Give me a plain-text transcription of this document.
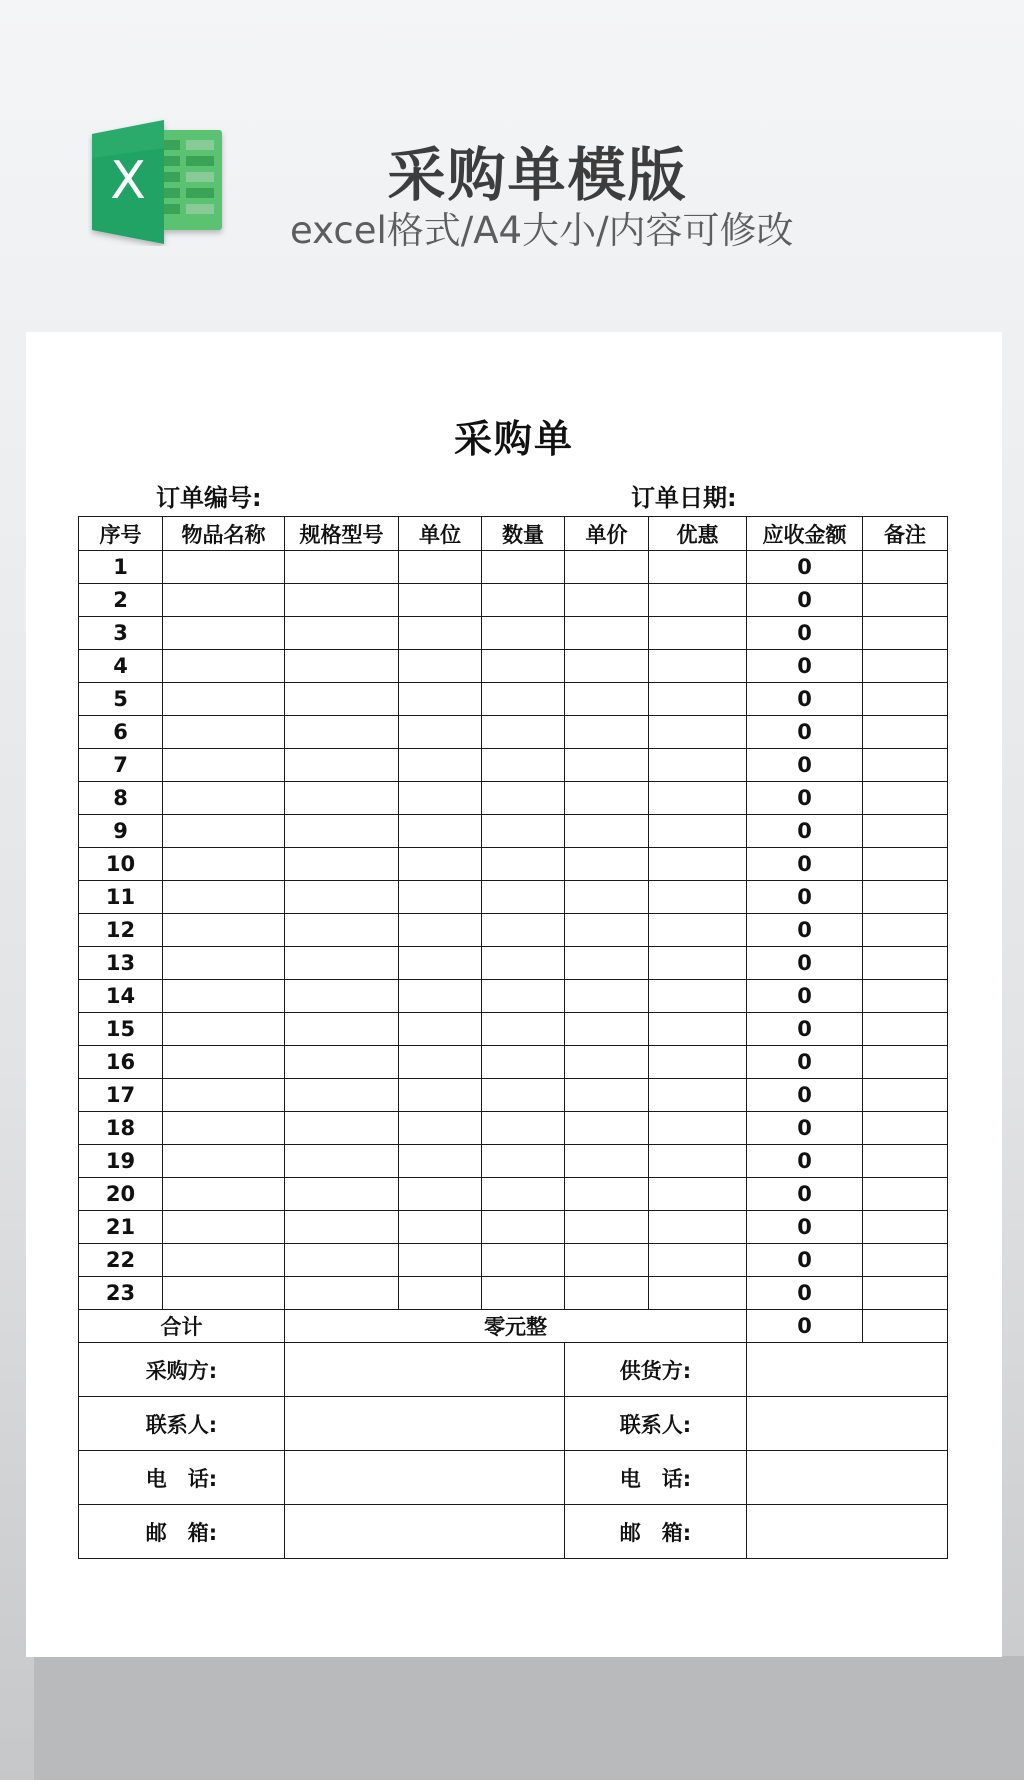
X	采购单模版
excel格式/A4大小/内容可修改
采购单
订单编号:	订单日期:
序号	物品名称	规格型号	单位	数量	单价	优惠	应收金额	备注
1							0	
2							0	
3							0	
4							0	
5							0	
6							0	
7							0	
8							0	
9							0	
10							0	
11							0	
12							0	
13							0	
14							0	
15							0	
16							0	
17							0	
18							0	
19							0	
20							0	
21							0	
22							0	
23							0	
合计		零元整					0	
采购方:					供货方:			
联系人:					联系人:			
电　话:					电　话:			
邮　箱:					邮　箱:			
